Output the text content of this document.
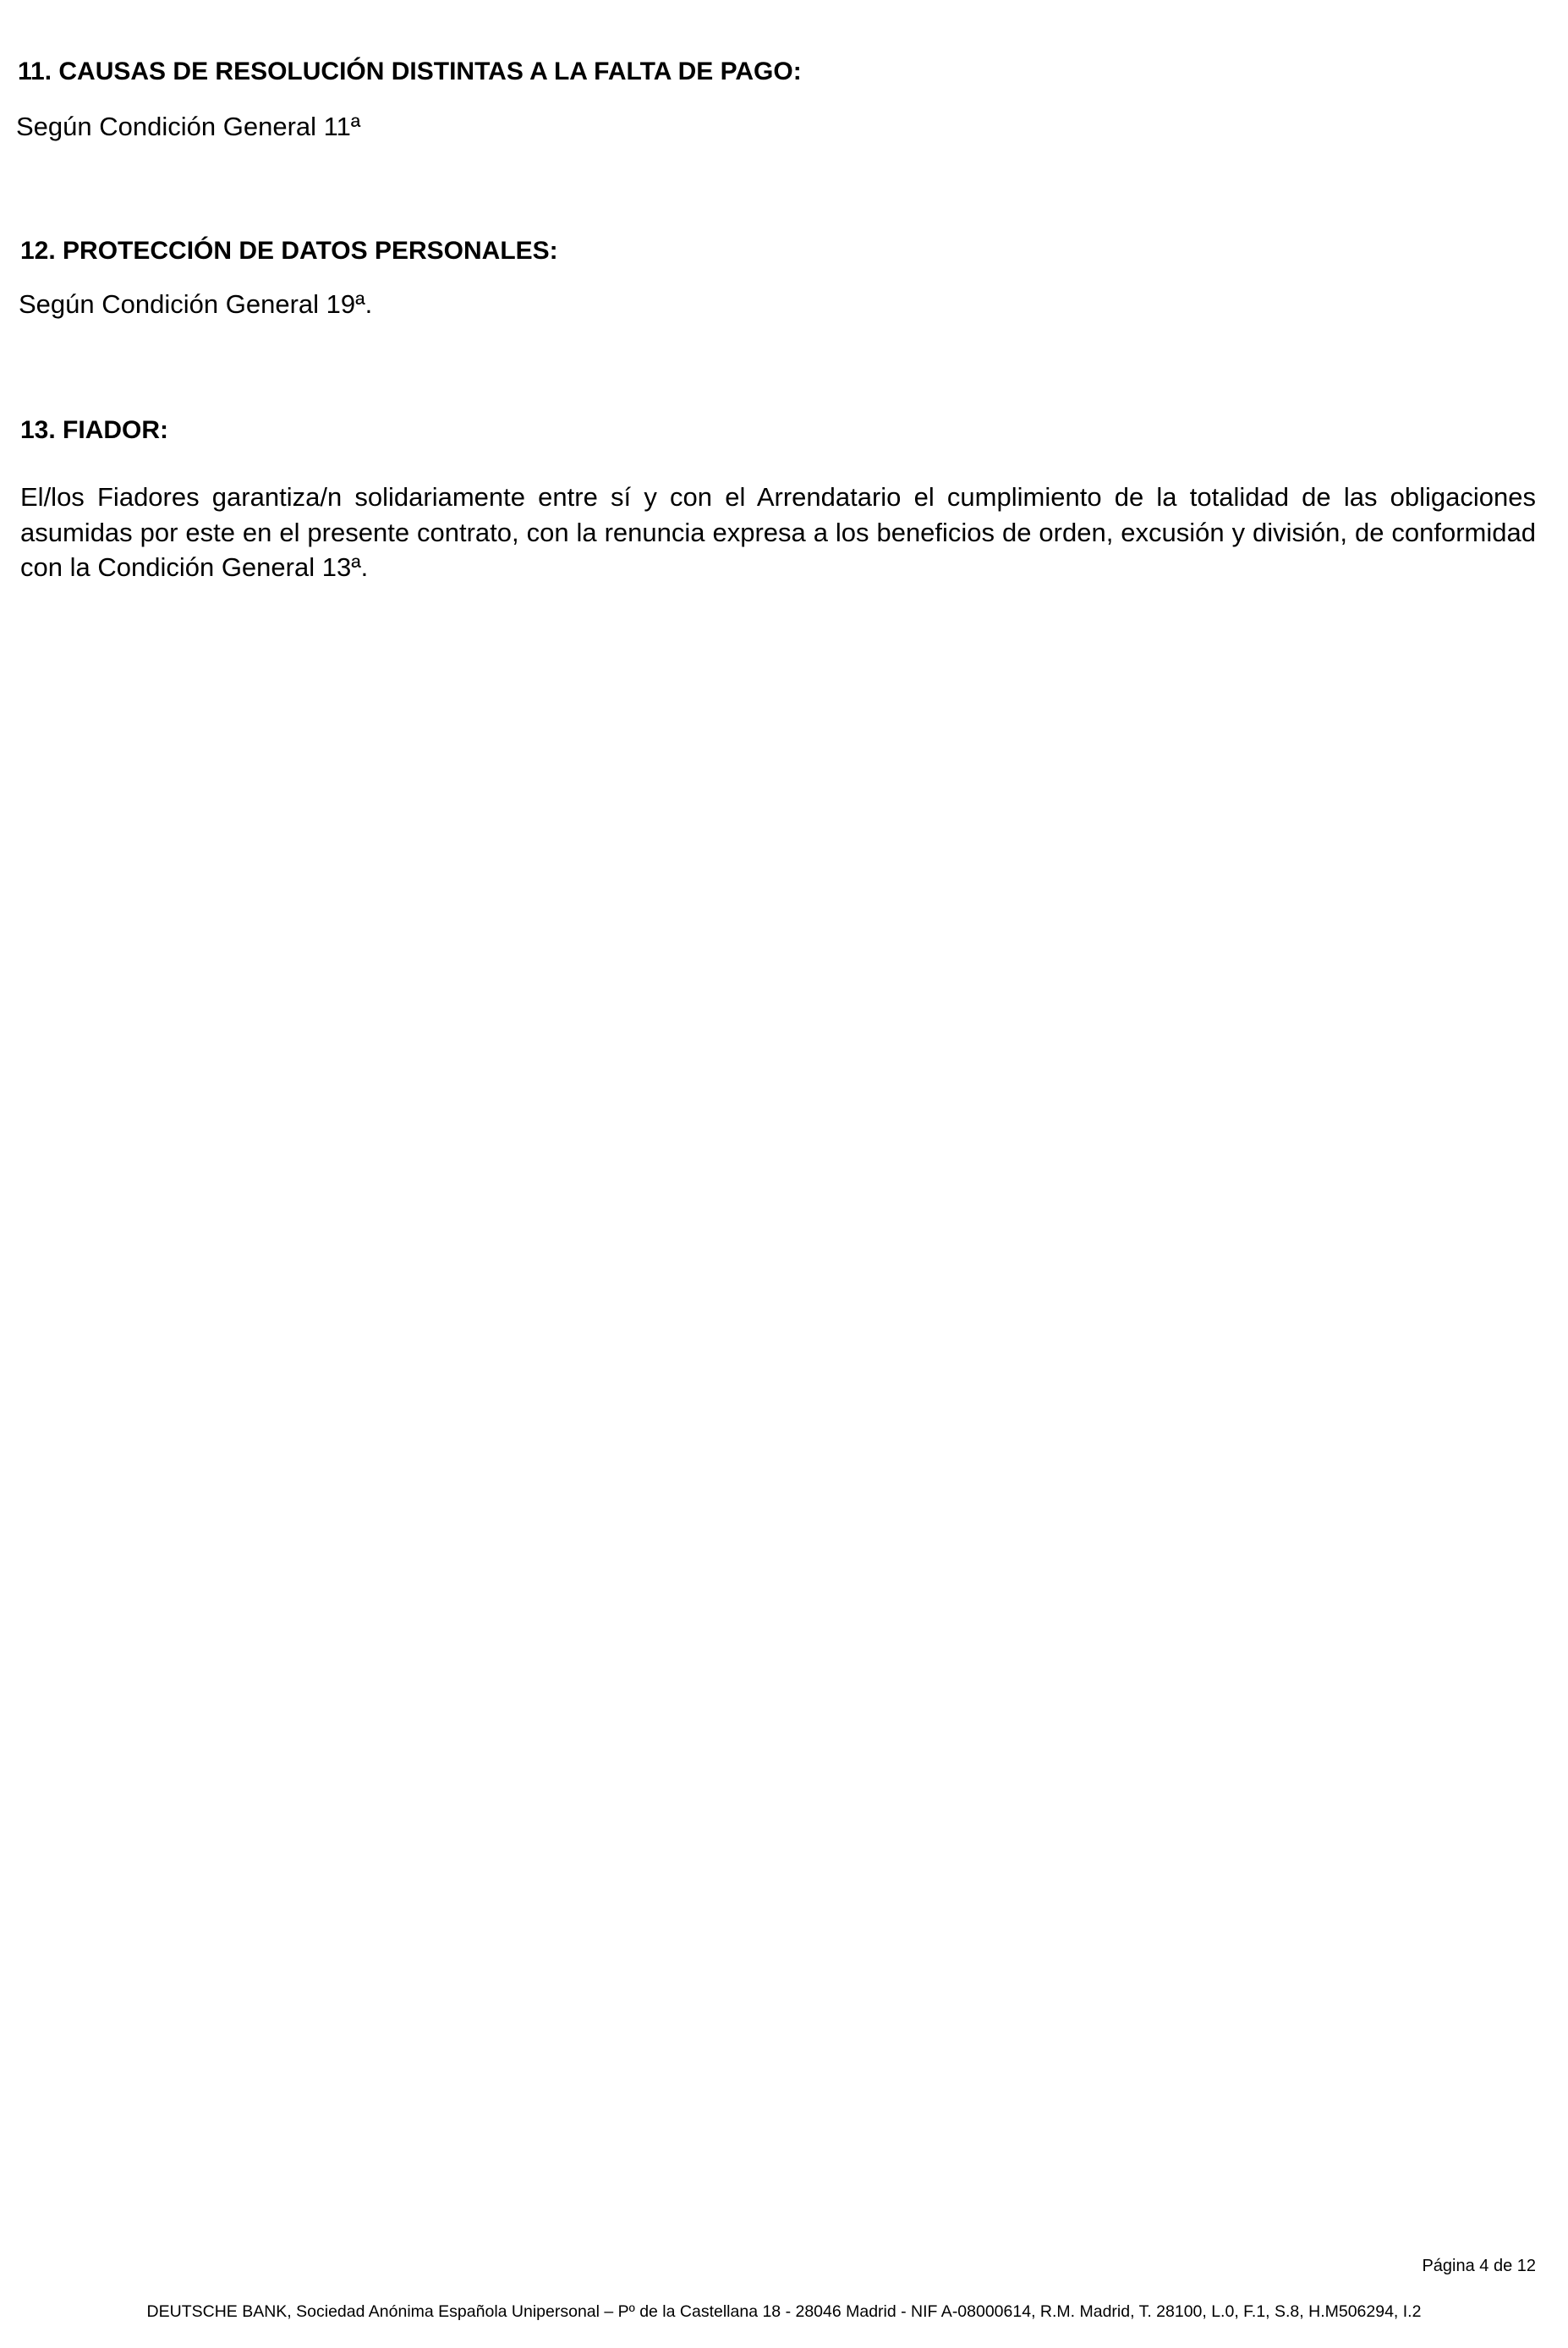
11. CAUSAS DE RESOLUCIÓN DISTINTAS A LA FALTA DE PAGO:
Según Condición General 11ª
12. PROTECCIÓN DE DATOS PERSONALES:
Según Condición General 19ª.
13. FIADOR:
El/los Fiadores garantiza/n solidariamente entre sí y con el Arrendatario el cumplimiento de la totalidad de las obligaciones asumidas por este en el presente contrato, con la renuncia expresa a los beneficios de orden, excusión y división, de conformidad con la Condición General 13ª.
Página 4 de 12
DEUTSCHE BANK, Sociedad Anónima Española Unipersonal – Pº de la Castellana 18 - 28046 Madrid - NIF A-08000614, R.M. Madrid, T. 28100, L.0, F.1, S.8, H.M506294, I.2
